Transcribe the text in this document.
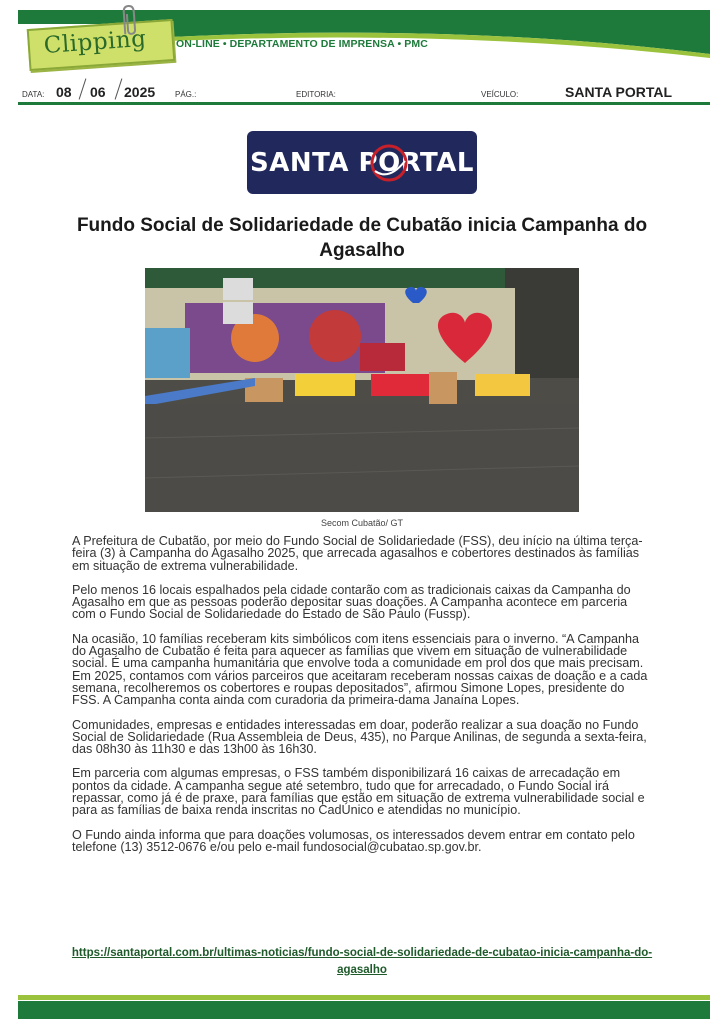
Clipping	ON-LINE • DEPARTAMENTO DE IMPRENSA • PMC
DATA: 08 06 2025 PÁG.:	EDITORIA:	VEÍCULO:	SANTA PORTAL
SANTA PORTAL
Fundo Social de Solidariedade de Cubatão inicia Campanha do Agasalho
Secom Cubatão/ GT

A Prefeitura de Cubatão, por meio do Fundo Social de Solidariedade (FSS), deu início na última terça-feira (3) à Campanha do Agasalho 2025, que arrecada agasalhos e cobertores destinados às famílias em situação de extrema vulnerabilidade.

Pelo menos 16 locais espalhados pela cidade contarão com as tradicionais caixas da Campanha do Agasalho em que as pessoas poderão depositar suas doações. A Campanha acontece em parceria com o Fundo Social de Solidariedade do Estado de São Paulo (Fussp).

Na ocasião, 10 famílias receberam kits simbólicos com itens essenciais para o inverno. “A Campanha do Agasalho de Cubatão é feita para aquecer as famílias que vivem em situação de vulnerabilidade social. É uma campanha humanitária que envolve toda a comunidade em prol dos que mais precisam. Em 2025, contamos com vários parceiros que aceitaram receberam nossas caixas de doação e a cada semana, recolheremos os cobertores e roupas depositados”, afirmou Simone Lopes, presidente do FSS. A Campanha conta ainda com curadoria da primeira-dama Janaína Lopes.

Comunidades, empresas e entidades interessadas em doar, poderão realizar a sua doação no Fundo Social de Solidariedade (Rua Assembleia de Deus, 435), no Parque Anilinas, de segunda a sexta-feira, das 08h30 às 11h30 e das 13h00 às 16h30.

Em parceria com algumas empresas, o FSS também disponibilizará 16 caixas de arrecadação em pontos da cidade. A campanha segue até setembro, tudo que for arrecadado, o Fundo Social irá repassar, como já é de praxe, para famílias que estão em situação de extrema vulnerabilidade social e para as famílias de baixa renda inscritas no CadÚnico e atendidas no município.

O Fundo ainda informa que para doações volumosas, os interessados devem entrar em contato pelo telefone (13) 3512-0676 e/ou pelo e-mail fundosocial@cubatao.sp.gov.br.

https://santaportal.com.br/ultimas-noticias/fundo-social-de-solidariedade-de-cubatao-inicia-campanha-do-agasalho
